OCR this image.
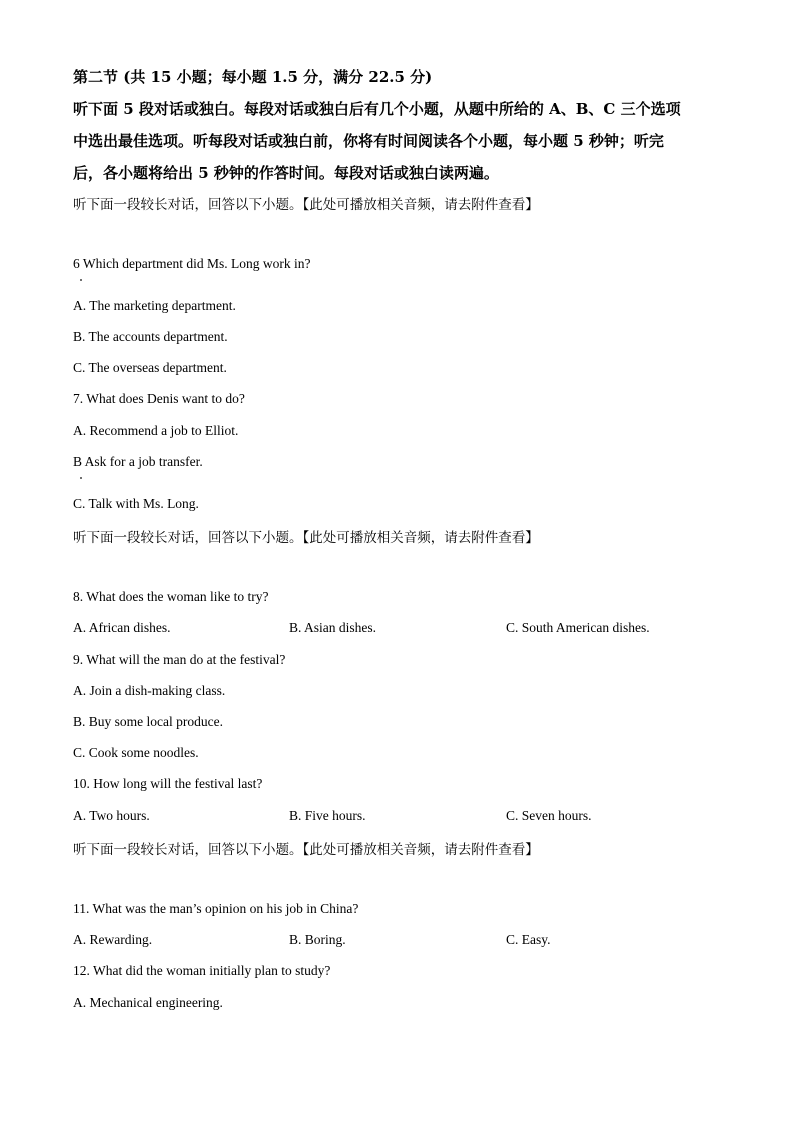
第二节 (共 15 小题；每小题 1.5 分，满分 22.5 分)
听下面 5 段对话或独白。每段对话或独白后有几个小题，从题中所给的 A、B、C 三个选项
中选出最佳选项。听每段对话或独白前，你将有时间阅读各个小题，每小题 5 秒钟；听完
后，各小题将给出 5 秒钟的作答时间。每段对话或独白读两遍。
听下面一段较长对话，回答以下小题。【此处可播放相关音频，请去附件查看】
6 Which department did Ms. Long work in?
A. The marketing department.
B. The accounts department.
C. The overseas department.
7. What does Denis want to do?
A. Recommend a job to Elliot.
B Ask for a job transfer.
C. Talk with Ms. Long.
听下面一段较长对话，回答以下小题。【此处可播放相关音频，请去附件查看】
8. What does the woman like to try?
A. African dishes.	B. Asian dishes.	C. South American dishes.
9. What will the man do at the festival?
A. Join a dish-making class.
B. Buy some local produce.
C. Cook some noodles.
10. How long will the festival last?
A. Two hours.	B. Five hours.	C. Seven hours.
听下面一段较长对话，回答以下小题。【此处可播放相关音频，请去附件查看】
11. What was the man’s opinion on his job in China?
A. Rewarding.	B. Boring.	C. Easy.
12. What did the woman initially plan to study?
A. Mechanical engineering.
